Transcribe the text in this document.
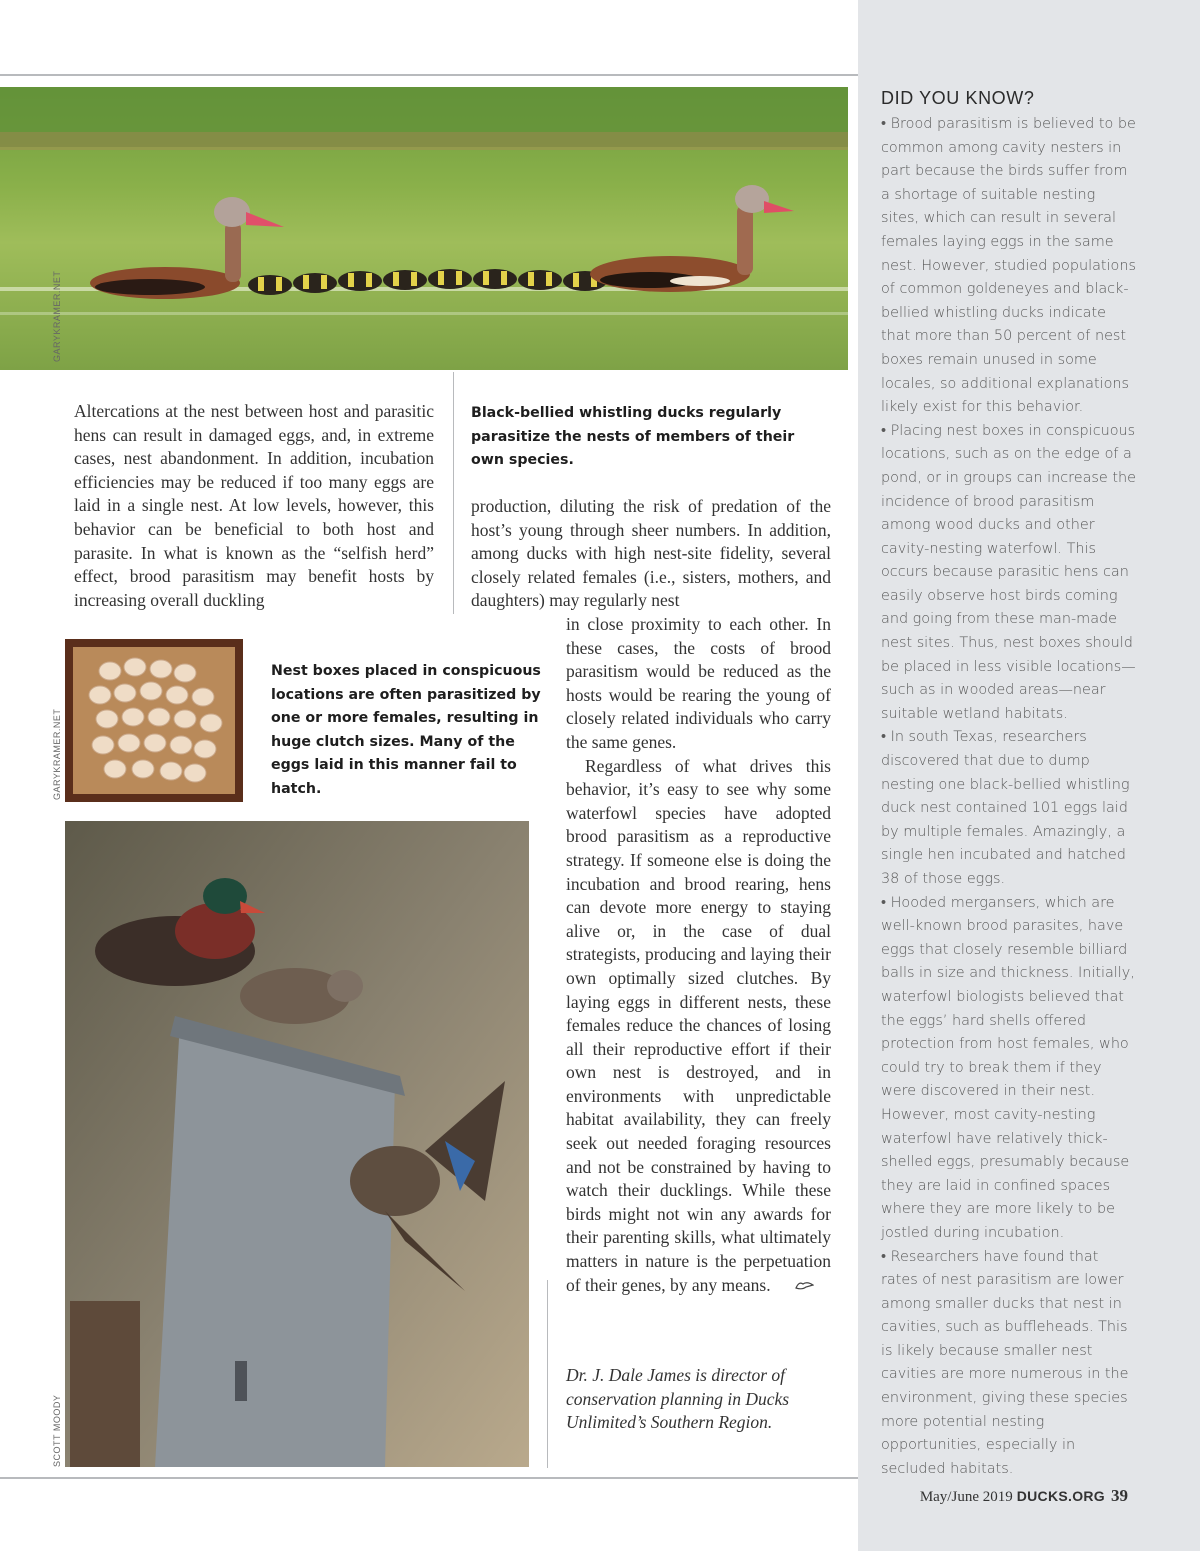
GARYKRAMER.NET
Black-bellied whistling ducks regularly parasitize the nests of members of their own species.

Altercations at the nest between host and parasitic hens can result in damaged eggs, and, in extreme cases, nest abandonment. In addition, incubation efficiencies may be reduced if too many eggs are laid in a single nest. At low levels, however, this behavior can be beneficial to both host and parasite. In what is known as the “selfish herd” effect, brood parasitism may benefit hosts by increasing overall duckling

production, diluting the risk of predation of the host’s young through sheer numbers. In addition, among ducks with high nest-site fidelity, several closely related females (i.e., sisters, mothers, and daughters) may regularly nest

in close proximity to each other. In these cases, the costs of brood parasitism would be reduced as the hosts would be rearing the young of closely related individuals who carry the same genes.

Regardless of what drives this behavior, it’s easy to see why some waterfowl species have adopted brood parasitism as a reproductive strategy. If someone else is doing the incubation and brood rearing, hens can devote more energy to staying alive or, in the case of dual strategists, producing and laying their own optimally sized clutches. By laying eggs in different nests, these females reduce the chances of losing all their reproductive effort if their own nest is destroyed, and in environments with unpredictable habitat availability, they can freely seek out needed foraging resources and not be constrained by having to watch their ducklings. While these birds might not win any awards for their parenting skills, what ultimately matters in nature is the perpetuation of their genes, by any means.

Dr. J. Dale James is director of conservation planning in Ducks Unlimited’s Southern Region.
GARYKRAMER.NET
Nest boxes placed in conspicuous locations are often parasitized by one or more females, resulting in huge clutch sizes. Many of the eggs laid in this manner fail to hatch.
SCOTT MOODY
DID YOU KNOW?

• Brood parasitism is believed to be common among cavity nesters in part because the birds suffer from a shortage of suitable nesting sites, which can result in several females laying eggs in the same nest. However, studied populations of common goldeneyes and black-bellied whistling ducks indicate that more than 50 percent of nest boxes remain unused in some locales, so additional explanations likely exist for this behavior.

• Placing nest boxes in conspicuous locations, such as on the edge of a pond, or in groups can increase the incidence of brood parasitism among wood ducks and other cavity-nesting waterfowl. This occurs because parasitic hens can easily observe host birds coming and going from these man-made nest sites. Thus, nest boxes should be placed in less visible locations—such as in wooded areas—near suitable wetland habitats.

• In south Texas, researchers discovered that due to dump nesting one black-bellied whistling duck nest contained 101 eggs laid by multiple females. Amazingly, a single hen incubated and hatched 38 of those eggs.

• Hooded mergansers, which are well-known brood parasites, have eggs that closely resemble billiard balls in size and thickness. Initially, waterfowl biologists believed that the eggs’ hard shells offered protection from host females, who could try to break them if they were discovered in their nest. However, most cavity-nesting waterfowl have relatively thick-shelled eggs, presumably because they are laid in confined spaces where they are more likely to be jostled during incubation.

• Researchers have found that rates of nest parasitism are lower among smaller ducks that nest in cavities, such as buffleheads. This is likely because smaller nest cavities are more numerous in the environment, giving these species more potential nesting opportunities, especially in secluded habitats.

May/June 2019 DUCKS.ORG 39
